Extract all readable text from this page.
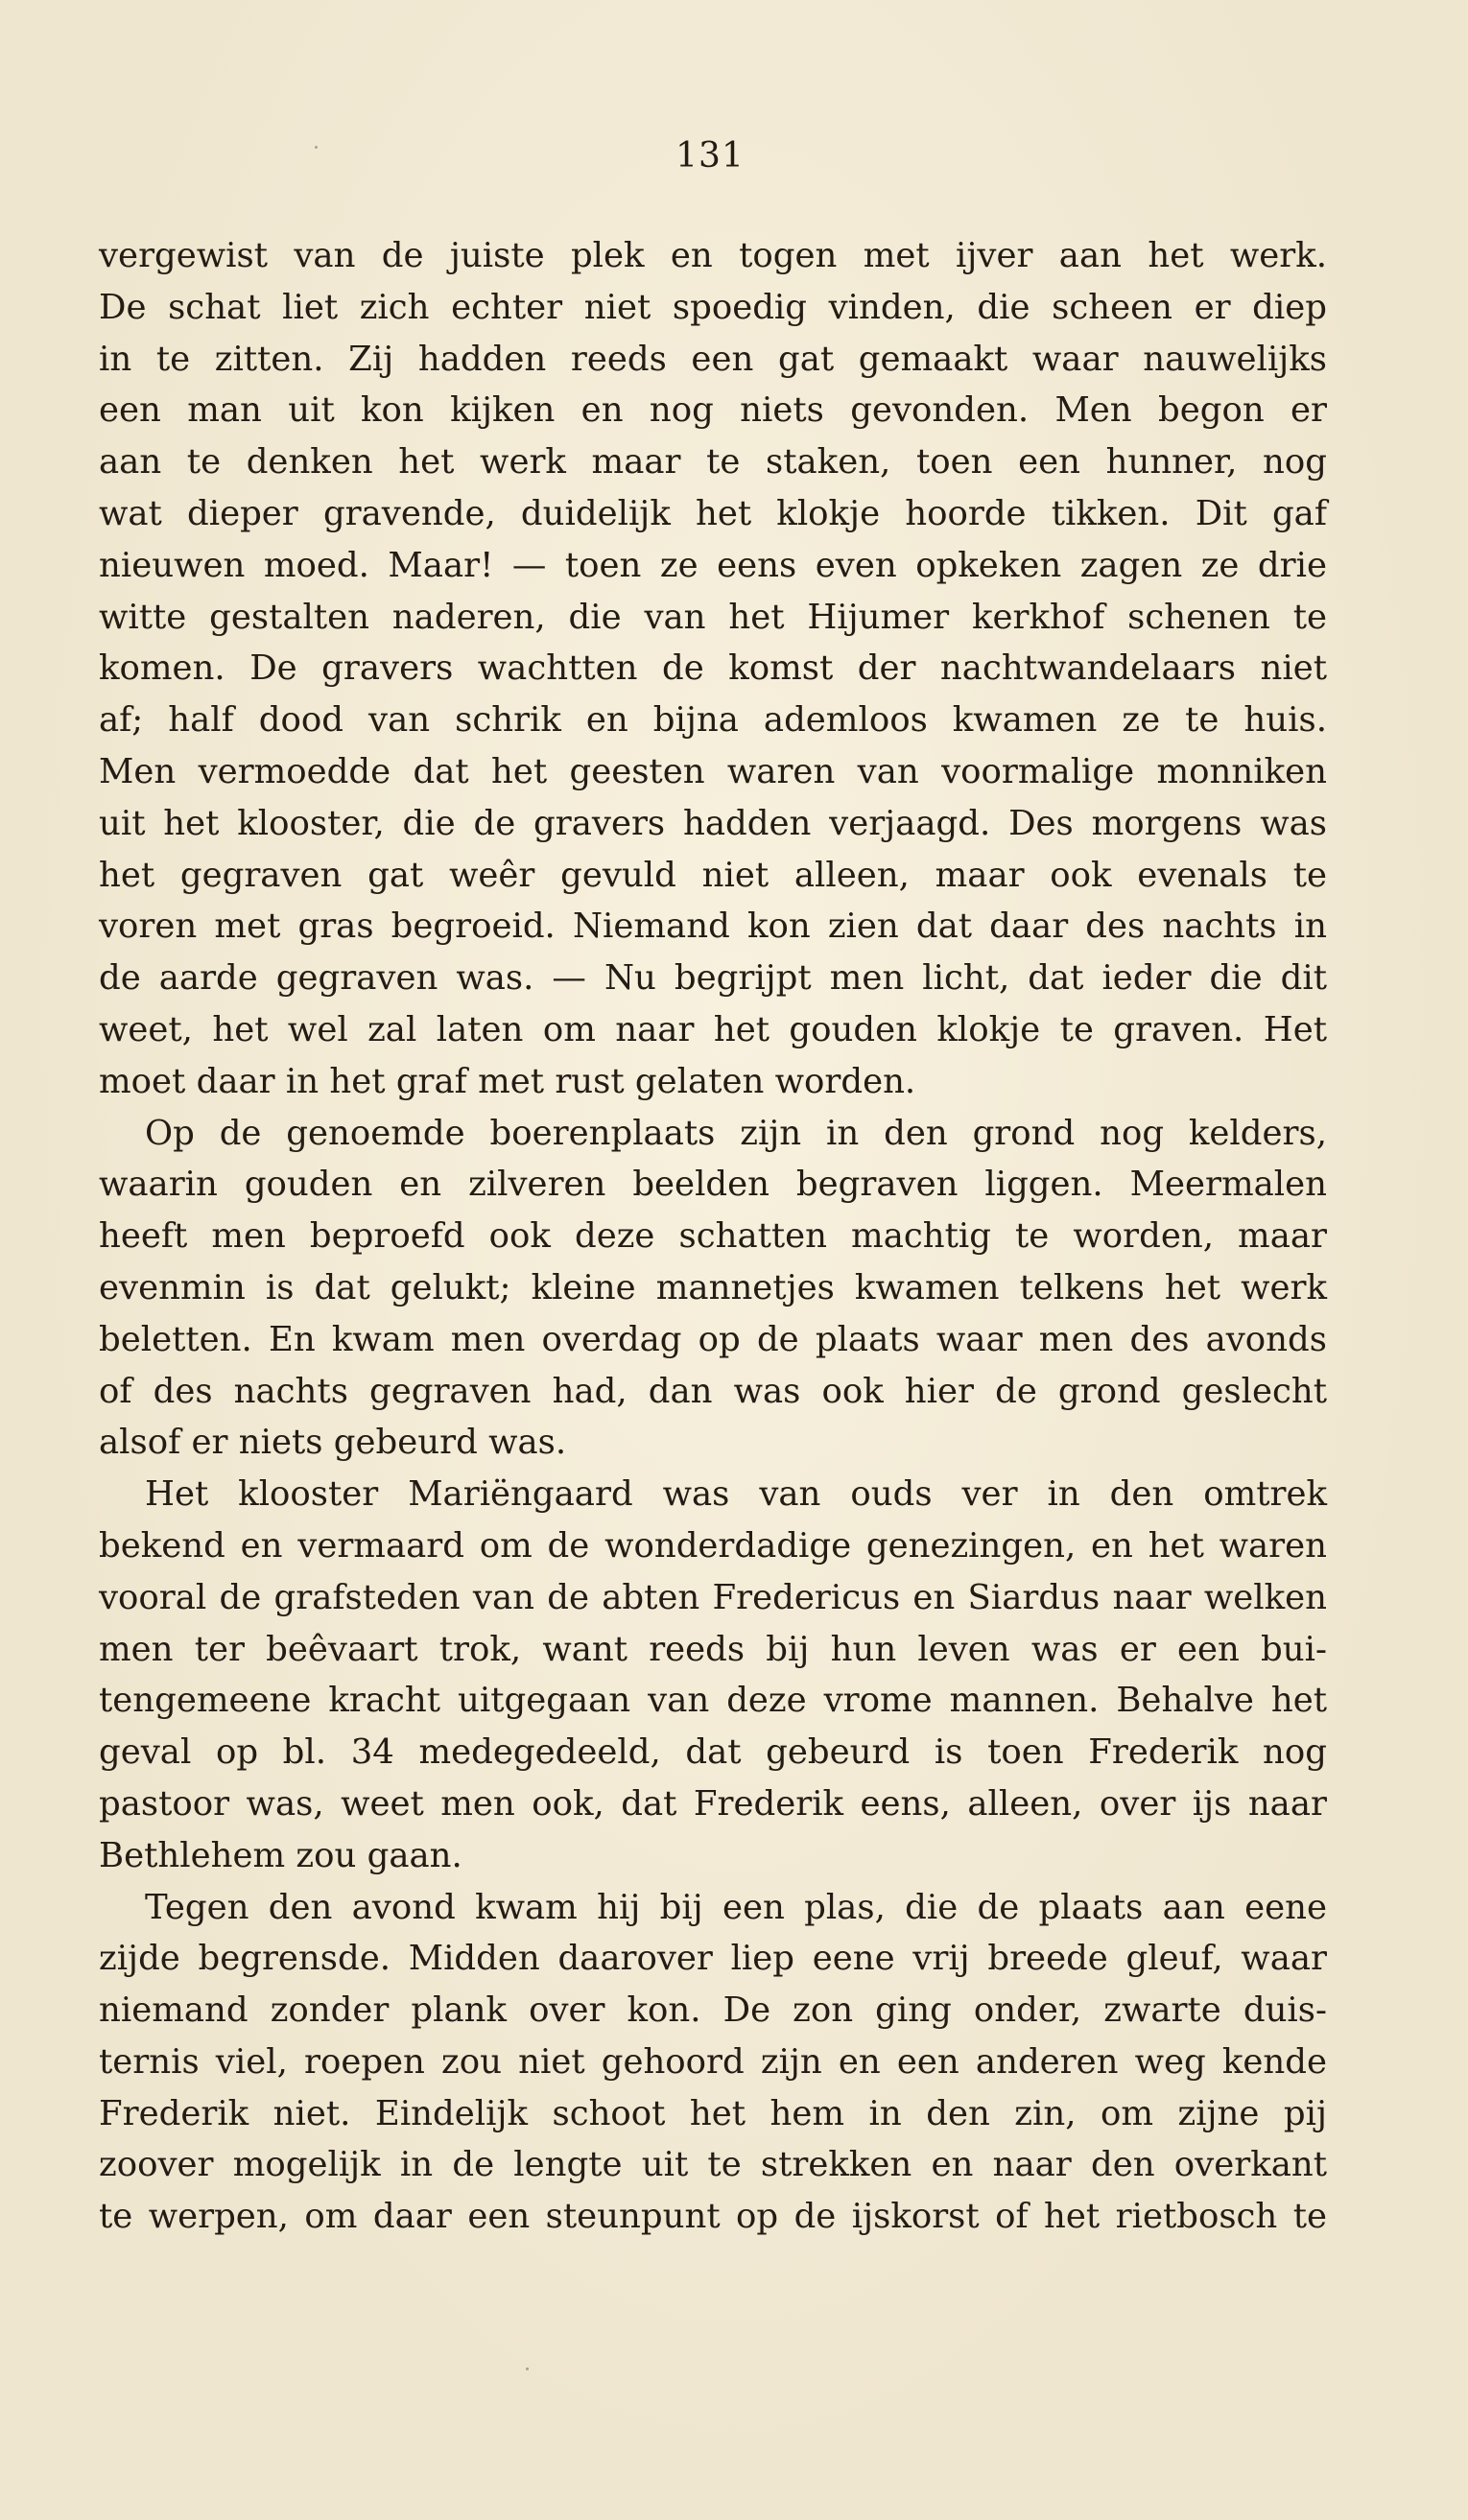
131
vergewist van de juiste plek en togen met ijver aan het werk.
De schat liet zich echter niet spoedig vinden, die scheen er diep
in te zitten. Zij hadden reeds een gat gemaakt waar nauwelijks
een man uit kon kijken en nog niets gevonden. Men begon er
aan te denken het werk maar te staken, toen een hunner, nog
wat dieper gravende, duidelijk het klokje hoorde tikken. Dit gaf
nieuwen moed. Maar! — toen ze eens even opkeken zagen ze drie
witte gestalten naderen, die van het Hijumer kerkhof schenen te
komen. De gravers wachtten de komst der nachtwandelaars niet
af; half dood van schrik en bijna ademloos kwamen ze te huis.
Men vermoedde dat het geesten waren van voormalige monniken
uit het klooster, die de gravers hadden verjaagd. Des morgens was
het gegraven gat weêr gevuld niet alleen, maar ook evenals te
voren met gras begroeid. Niemand kon zien dat daar des nachts in
de aarde gegraven was. — Nu begrijpt men licht, dat ieder die dit
weet, het wel zal laten om naar het gouden klokje te graven. Het
moet daar in het graf met rust gelaten worden.
Op de genoemde boerenplaats zijn in den grond nog kelders,
waarin gouden en zilveren beelden begraven liggen. Meermalen
heeft men beproefd ook deze schatten machtig te worden, maar
evenmin is dat gelukt; kleine mannetjes kwamen telkens het werk
beletten. En kwam men overdag op de plaats waar men des avonds
of des nachts gegraven had, dan was ook hier de grond geslecht
alsof er niets gebeurd was.
Het klooster Mariëngaard was van ouds ver in den omtrek
bekend en vermaard om de wonderdadige genezingen, en het waren
vooral de grafsteden van de abten Fredericus en Siardus naar welken
men ter beêvaart trok, want reeds bij hun leven was er een bui-
tengemeene kracht uitgegaan van deze vrome mannen. Behalve het
geval op bl. 34 medegedeeld, dat gebeurd is toen Frederik nog
pastoor was, weet men ook, dat Frederik eens, alleen, over ijs naar
Bethlehem zou gaan.
Tegen den avond kwam hij bij een plas, die de plaats aan eene
zijde begrensde. Midden daarover liep eene vrij breede gleuf, waar
niemand zonder plank over kon. De zon ging onder, zwarte duis-
ternis viel, roepen zou niet gehoord zijn en een anderen weg kende
Frederik niet. Eindelijk schoot het hem in den zin, om zijne pij
zoover mogelijk in de lengte uit te strekken en naar den overkant
te werpen, om daar een steunpunt op de ijskorst of het rietbosch te
